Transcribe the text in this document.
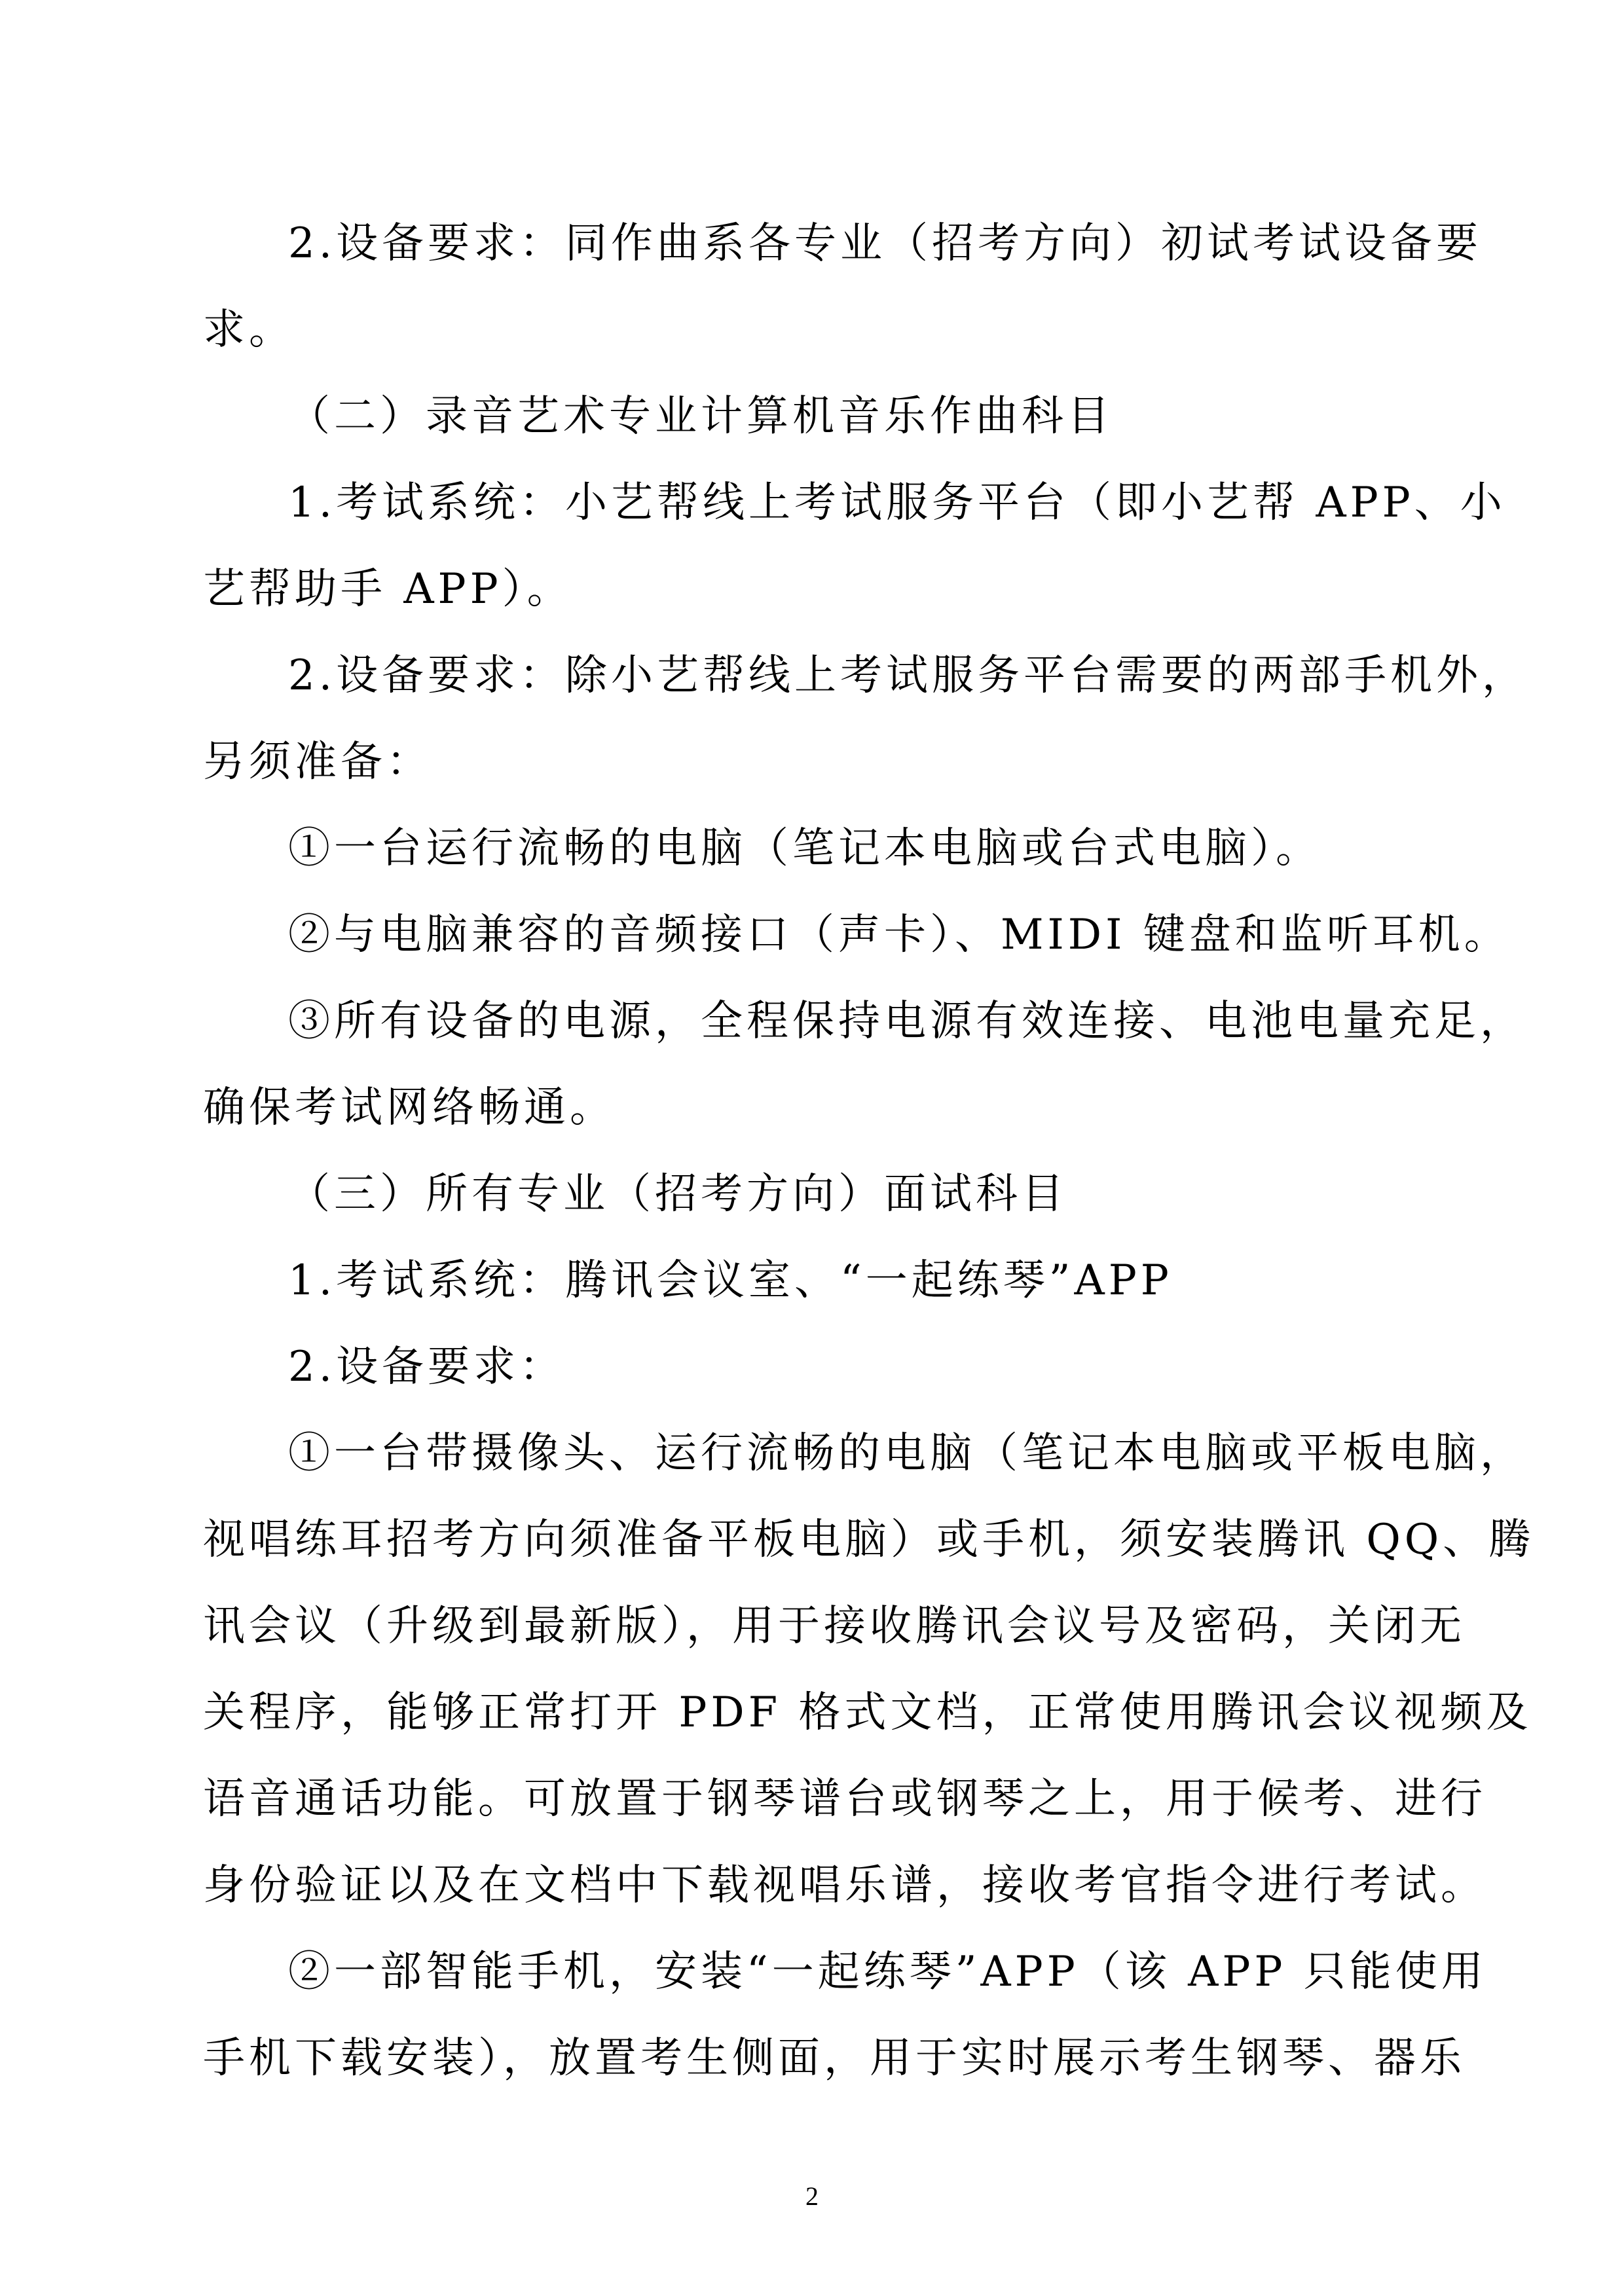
2.设备要求：同作曲系各专业（招考方向）初试考试设备要
求。
（二）录音艺术专业计算机音乐作曲科目
1.考试系统：小艺帮线上考试服务平台（即小艺帮 APP、小
艺帮助手 APP）。
2.设备要求：除小艺帮线上考试服务平台需要的两部手机外，
另须准备：
①一台运行流畅的电脑（笔记本电脑或台式电脑）。
②与电脑兼容的音频接口（声卡）、MIDI 键盘和监听耳机。
③所有设备的电源，全程保持电源有效连接、电池电量充足，
确保考试网络畅通。
（三）所有专业（招考方向）面试科目
1.考试系统：腾讯会议室、“一起练琴”APP
2.设备要求：
①一台带摄像头、运行流畅的电脑（笔记本电脑或平板电脑，
视唱练耳招考方向须准备平板电脑）或手机，须安装腾讯 QQ、腾
讯会议（升级到最新版），用于接收腾讯会议号及密码，关闭无
关程序，能够正常打开 PDF 格式文档，正常使用腾讯会议视频及
语音通话功能。可放置于钢琴谱台或钢琴之上，用于候考、进行
身份验证以及在文档中下载视唱乐谱，接收考官指令进行考试。
②一部智能手机，安装“一起练琴”APP（该 APP 只能使用
手机下载安装），放置考生侧面，用于实时展示考生钢琴、器乐
2
